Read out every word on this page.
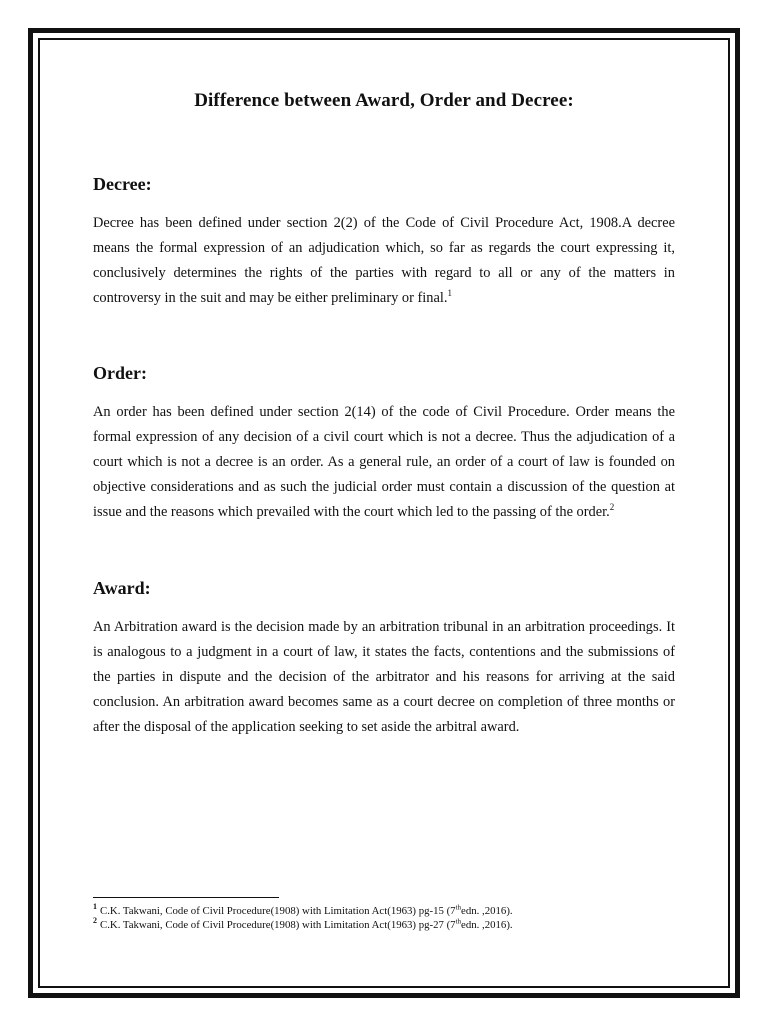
Difference between Award, Order and Decree:
Decree:

Decree has been defined under section 2(2) of the Code of Civil Procedure Act, 1908.A decree means the formal expression of an adjudication which, so far as regards the court expressing it, conclusively determines the rights of the parties with regard to all or any of the matters in controversy in the suit and may be either preliminary or final.$^1$

Order:

An order has been defined under section 2(14) of the code of Civil Procedure. Order means the formal expression of any decision of a civil court which is not a decree. Thus the adjudication of a court which is not a decree is an order. As a general rule, an order of a court of law is founded on objective considerations and as such the judicial order must contain a discussion of the question at issue and the reasons which prevailed with the court which led to the passing of the order.$^2$

Award:

An Arbitration award is the decision made by an arbitration tribunal in an arbitration proceedings. It is analogous to a judgment in a court of law, it states the facts, contentions and the submissions of the parties in dispute and the decision of the arbitrator and his reasons for arriving at the said conclusion. An arbitration award becomes same as a court decree on completion of three months or after the disposal of the application seeking to set aside the arbitral award.

$^1$ C.K. Takwani, Code of Civil Procedure(1908) with Limitation Act(1963) pg-15 (7thedn. ,2016).
$^2$ C.K. Takwani, Code of Civil Procedure(1908) with Limitation Act(1963) pg-27 (7thedn. ,2016).
